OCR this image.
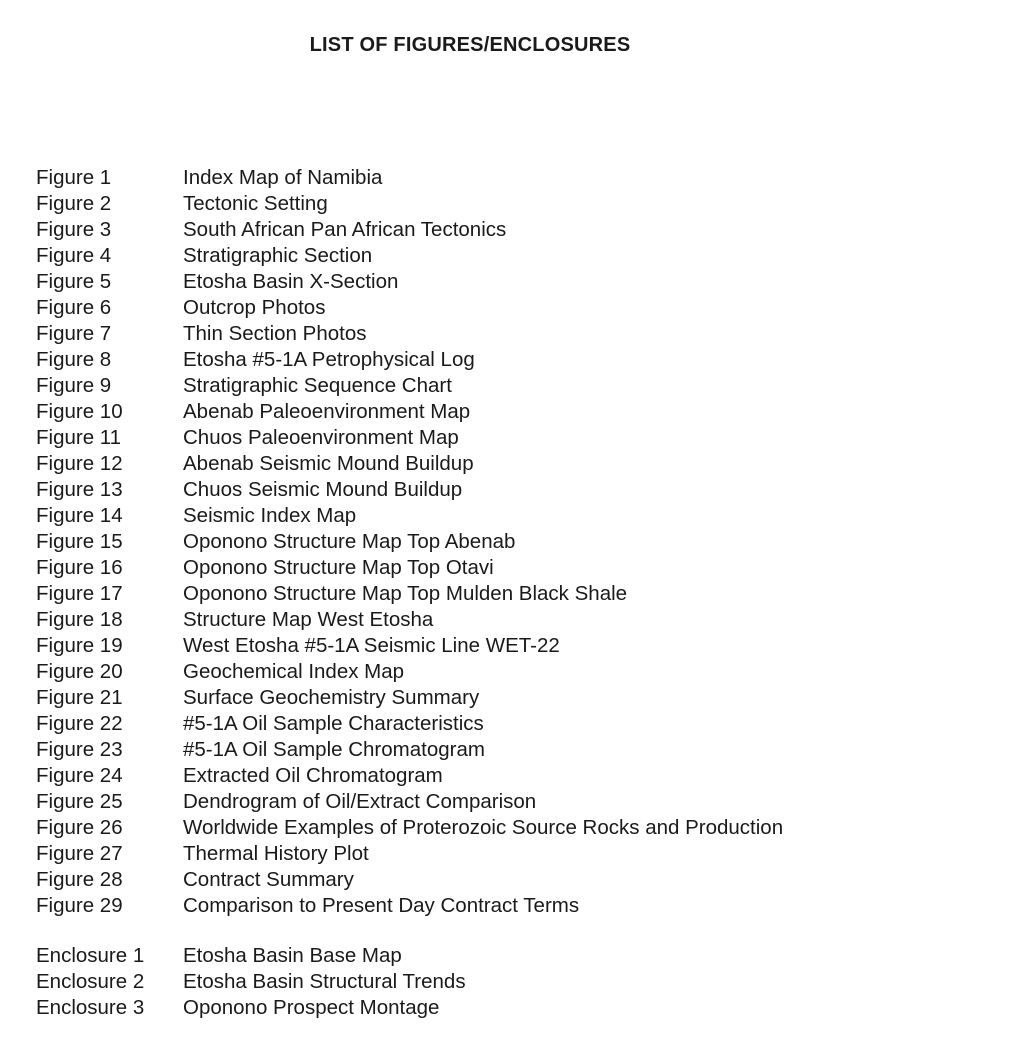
LIST OF FIGURES/ENCLOSURES
Figure 1	Index Map of Namibia
Figure 2	Tectonic Setting
Figure 3	South African Pan African Tectonics
Figure 4	Stratigraphic Section
Figure 5	Etosha Basin X-Section
Figure 6	Outcrop Photos
Figure 7	Thin Section Photos
Figure 8	Etosha #5-1A Petrophysical Log
Figure 9	Stratigraphic Sequence Chart
Figure 10	Abenab Paleoenvironment Map
Figure 11	Chuos Paleoenvironment Map
Figure 12	Abenab Seismic Mound Buildup
Figure 13	Chuos Seismic Mound Buildup
Figure 14	Seismic Index Map
Figure 15	Oponono Structure Map Top Abenab
Figure 16	Oponono Structure Map Top Otavi
Figure 17	Oponono Structure Map Top Mulden Black Shale
Figure 18	Structure Map West Etosha
Figure 19	West Etosha #5-1A Seismic Line WET-22
Figure 20	Geochemical Index Map
Figure 21	Surface Geochemistry Summary
Figure 22	#5-1A Oil Sample Characteristics
Figure 23	#5-1A Oil Sample Chromatogram
Figure 24	Extracted Oil Chromatogram
Figure 25	Dendrogram of Oil/Extract Comparison
Figure 26	Worldwide Examples of Proterozoic Source Rocks and Production
Figure 27	Thermal History Plot
Figure 28	Contract Summary
Figure 29	Comparison to Present Day Contract Terms
Enclosure 1	Etosha Basin Base Map
Enclosure 2	Etosha Basin Structural Trends
Enclosure 3	Oponono Prospect Montage
